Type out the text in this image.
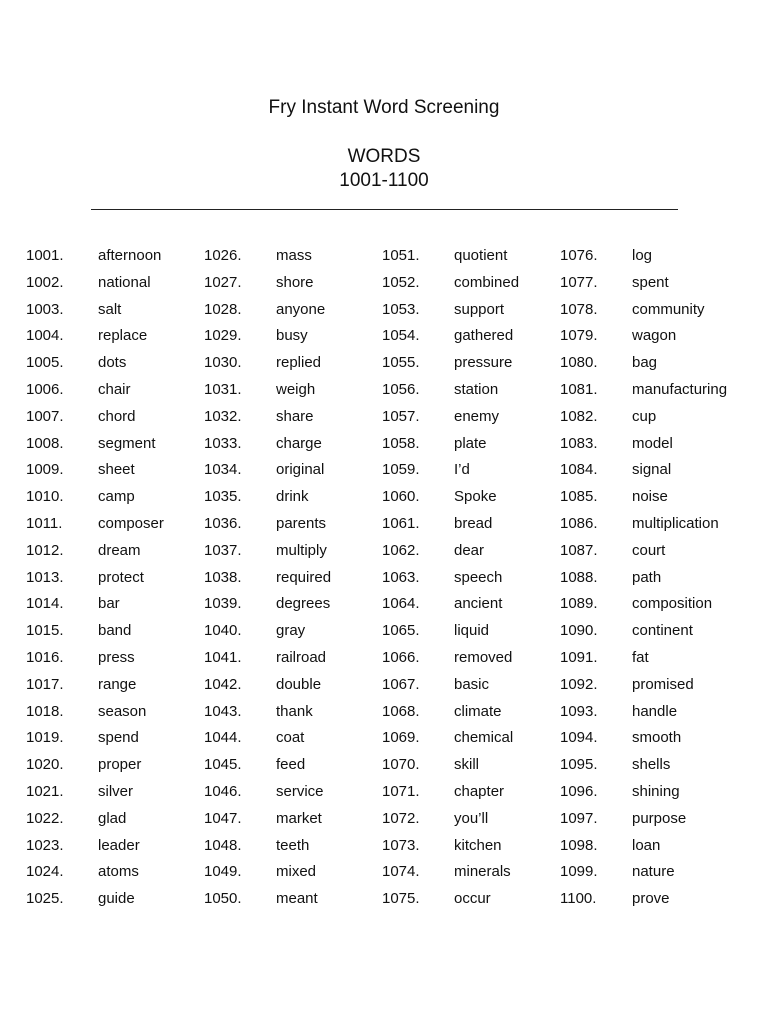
Fry Instant Word Screening
WORDS
1001-1100
1001. afternoon
1002. national
1003. salt
1004. replace
1005. dots
1006. chair
1007. chord
1008. segment
1009. sheet
1010. camp
1011. composer
1012. dream
1013. protect
1014. bar
1015. band
1016. press
1017. range
1018. season
1019. spend
1020. proper
1021. silver
1022. glad
1023. leader
1024. atoms
1025. guide
1026. mass
1027. shore
1028. anyone
1029. busy
1030. replied
1031. weigh
1032. share
1033. charge
1034. original
1035. drink
1036. parents
1037. multiply
1038. required
1039. degrees
1040. gray
1041. railroad
1042. double
1043. thank
1044. coat
1045. feed
1046. service
1047. market
1048. teeth
1049. mixed
1050. meant
1051. quotient
1052. combined
1053. support
1054. gathered
1055. pressure
1056. station
1057. enemy
1058. plate
1059. I’d
1060. Spoke
1061. bread
1062. dear
1063. speech
1064. ancient
1065. liquid
1066. removed
1067. basic
1068. climate
1069. chemical
1070. skill
1071. chapter
1072. you’ll
1073. kitchen
1074. minerals
1075. occur
1076. log
1077. spent
1078. community
1079. wagon
1080. bag
1081. manufacturing
1082. cup
1083. model
1084. signal
1085. noise
1086. multiplication
1087. court
1088. path
1089. composition
1090. continent
1091. fat
1092. promised
1093. handle
1094. smooth
1095. shells
1096. shining
1097. purpose
1098. loan
1099. nature
1100. prove
